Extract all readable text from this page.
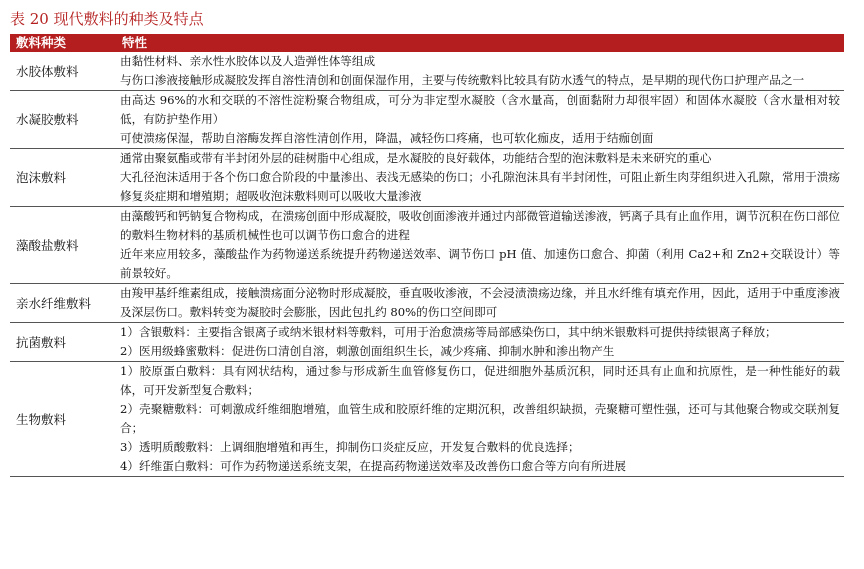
表 20 现代敷料的种类及特点
敷料种类	特性
水胶体敷料	由黏性材料、亲水性水胶体以及人造弹性体等组成
与伤口渗液接触形成凝胶发挥自溶性清创和创面保湿作用，主要与传统敷料比较具有防水透气的特点，是早期的现代伤口护理产品之一

水凝胶敷料	由高达 96%的水和交联的不溶性淀粉聚合物组成，可分为非定型水凝胶（含水量高，创面黏附力却很牢固）和固体水凝胶（含水量相对较低，有防护垫作用）
可使溃疡保湿，帮助自溶酶发挥自溶性清创作用，降温，减轻伤口疼痛，也可软化痂皮，适用于结痂创面

泡沫敷料	通常由聚氨酯或带有半封闭外层的硅树脂中心组成，是水凝胶的良好载体，功能结合型的泡沫敷料是未来研究的重心
大孔径泡沫适用于各个伤口愈合阶段的中量渗出、表浅无感染的伤口；小孔隙泡沫具有半封闭性，可阻止新生肉芽组织进入孔隙，常用于溃疡修复炎症期和增殖期；超吸收泡沫敷料则可以吸收大量渗液

藻酸盐敷料	由藻酸钙和钙钠复合物构成，在溃疡创面中形成凝胶，吸收创面渗液并通过内部微管道输送渗液，钙离子具有止血作用，调节沉积在伤口部位的敷料生物材料的基质机械性也可以调节伤口愈合的进程
近年来应用较多，藻酸盐作为药物递送系统提升药物递送效率、调节伤口 pH 值、加速伤口愈合、抑菌（利用 Ca2+和 Zn2+交联设计）等前景较好。

亲水纤维敷料	由羧甲基纤维素组成，接触溃疡面分泌物时形成凝胶，垂直吸收渗液，不会浸渍溃疡边缘，并且水纤维有填充作用，因此，适用于中重度渗液及深层伤口。敷料转变为凝胶时会膨胀，因此包扎约 80%的伤口空间即可

抗菌敷料	1）含银敷料：主要指含银离子或纳米银材料等敷料，可用于治愈溃疡等局部感染伤口，其中纳米银敷料可提供持续银离子释放；
2）医用级蜂蜜敷料：促进伤口清创自溶，刺激创面组织生长，减少疼痛、抑制水肿和渗出物产生

生物敷料	1）胶原蛋白敷料：具有网状结构，通过参与形成新生血管修复伤口，促进细胞外基质沉积，同时还具有止血和抗原性，是一种性能好的载体，可开发新型复合敷料；
2）壳聚糖敷料：可刺激成纤维细胞增殖，血管生成和胶原纤维的定期沉积，改善组织缺损，壳聚糖可塑性强，还可与其他聚合物或交联剂复合；
3）透明质酸敷料：上调细胞增殖和再生，抑制伤口炎症反应，开发复合敷料的优良选择；
4）纤维蛋白敷料：可作为药物递送系统支架，在提高药物递送效率及改善伤口愈合等方向有所进展
